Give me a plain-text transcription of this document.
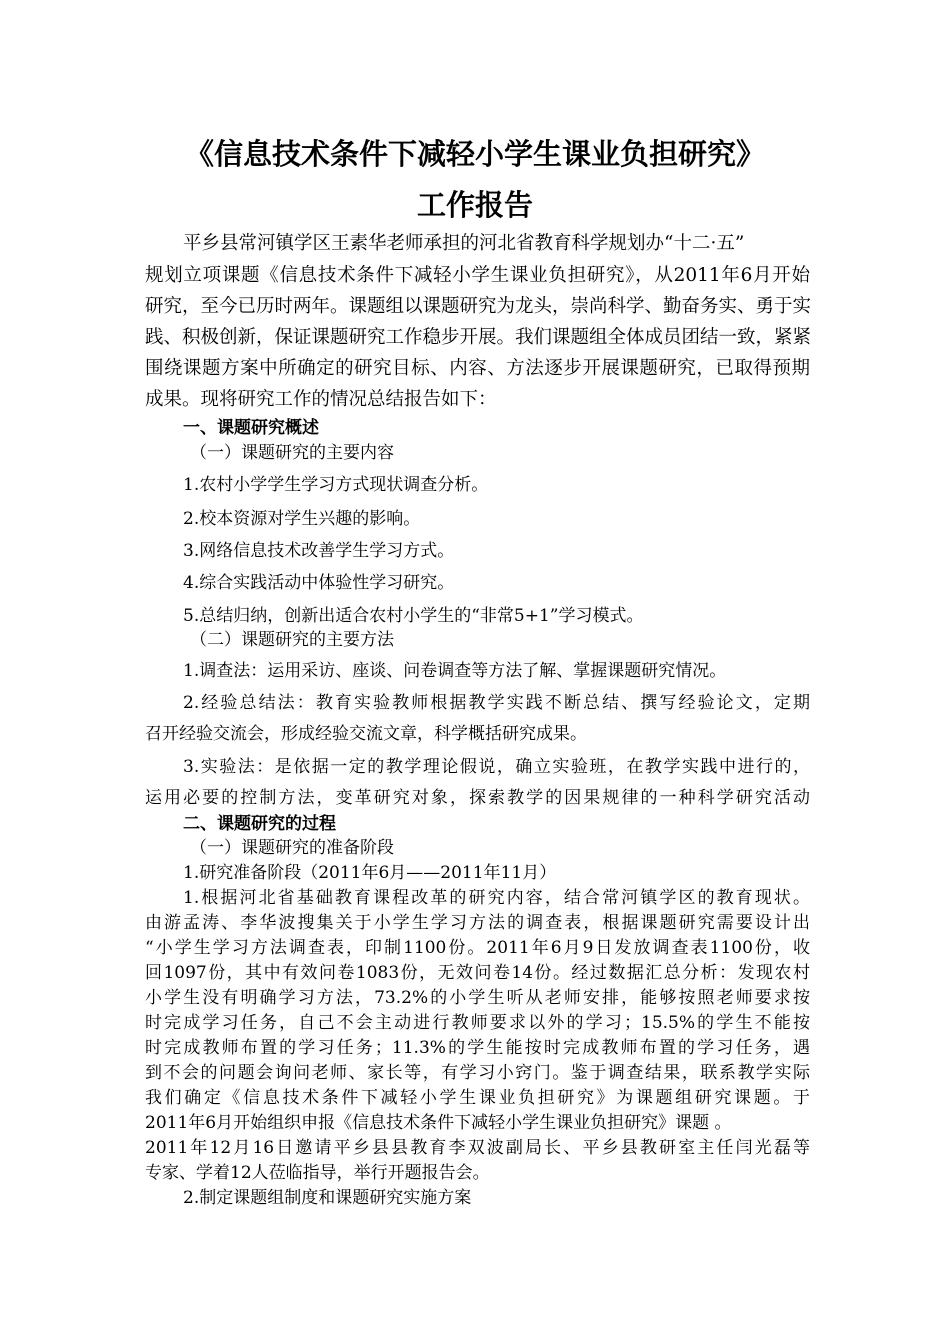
《信息技术条件下减轻小学生课业负担研究》
工作报告
平乡县常河镇学区王素华老师承担的河北省教育科学规划办“十二·五”
规划立项课题《信息技术条件下减轻小学生课业负担研究》，从2011年6月开始
研究，至今已历时两年。课题组以课题研究为龙头，崇尚科学、勤奋务实、勇于实
践、积极创新，保证课题研究工作稳步开展。我们课题组全体成员团结一致，紧紧
围绕课题方案中所确定的研究目标、内容、方法逐步开展课题研究，已取得预期
成果。现将研究工作的情况总结报告如下：
一、课题研究概述
（一）课题研究的主要内容
1.农村小学学生学习方式现状调查分析。
2.校本资源对学生兴趣的影响。
3.网络信息技术改善学生学习方式。
4.综合实践活动中体验性学习研究。
5.总结归纳，创新出适合农村小学生的“非常5+1”学习模式。
（二）课题研究的主要方法
1.调查法：运用采访、座谈、问卷调查等方法了解、掌握课题研究情况。
2.经验总结法：教育实验教师根据教学实践不断总结、撰写经验论文，定期
召开经验交流会，形成经验交流文章，科学概括研究成果。
3.实验法：是依据一定的教学理论假说，确立实验班，在教学实践中进行的，
运用必要的控制方法，变革研究对象，探索教学的因果规律的一种科学研究活动
二、课题研究的过程
（一）课题研究的准备阶段
1.研究准备阶段（2011年6月——2011年11月）
1.根据河北省基础教育课程改革的研究内容，结合常河镇学区的教育现状。
由游孟涛、李华波搜集关于小学生学习方法的调查表，根据课题研究需要设计出
“小学生学习方法调查表，印制1100份。2011年6月9日发放调查表1100份，收
回1097份，其中有效问卷1083份，无效问卷14份。经过数据汇总分析：发现农村
小学生没有明确学习方法，73.2%的小学生听从老师安排，能够按照老师要求按
时完成学习任务，自己不会主动进行教师要求以外的学习；15.5%的学生不能按
时完成教师布置的学习任务；11.3%的学生能按时完成教师布置的学习任务，遇
到不会的问题会询问老师、家长等，有学习小窍门。鉴于调查结果，联系教学实际
我们确定《信息技术条件下减轻小学生课业负担研究》为课题组研究课题。于
2011年6月开始组织申报《信息技术条件下减轻小学生课业负担研究》课题 。
2011年12月16日邀请平乡县县教育李双波副局长、平乡县教研室主任闫光磊等
专家、学着12人莅临指导，举行开题报告会。
2.制定课题组制度和课题研究实施方案
